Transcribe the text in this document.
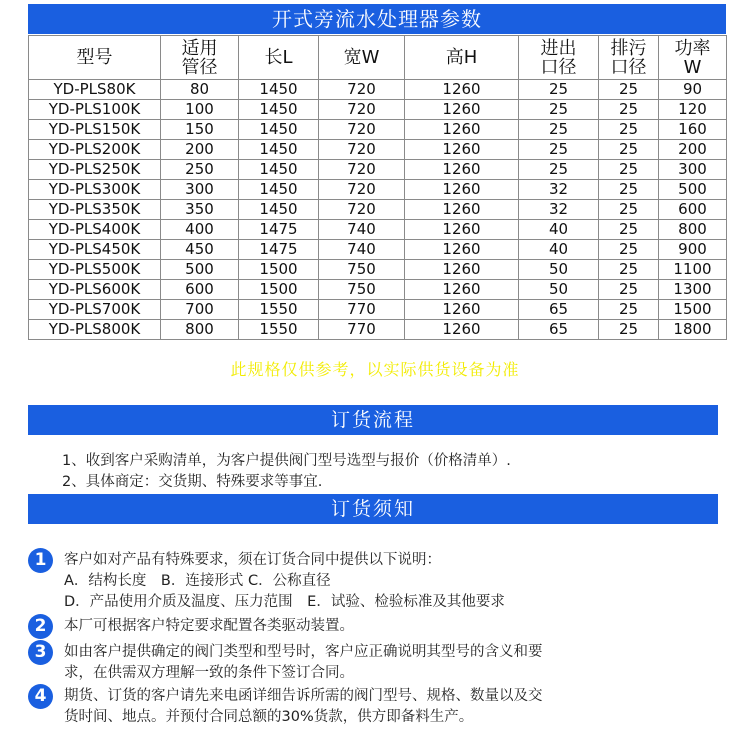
开式旁流水处理器参数
型号	适用管径	长L	宽W	高H	进出口径	排污口径	功率W
YD-PLS80K	80	1450	720	1260	25	25	90
YD-PLS100K	100	1450	720	1260	25	25	120
YD-PLS150K	150	1450	720	1260	25	25	160
YD-PLS200K	200	1450	720	1260	25	25	200
YD-PLS250K	250	1450	720	1260	25	25	300
YD-PLS300K	300	1450	720	1260	32	25	500
YD-PLS350K	350	1450	720	1260	32	25	600
YD-PLS400K	400	1475	740	1260	40	25	800
YD-PLS450K	450	1475	740	1260	40	25	900
YD-PLS500K	500	1500	750	1260	50	25	1100
YD-PLS600K	600	1500	750	1260	50	25	1300
YD-PLS700K	700	1550	770	1260	65	25	1500
YD-PLS800K	800	1550	770	1260	65	25	1800
此规格仅供参考，以实际供货设备为准
订货流程
1、收到客户采购清单，为客户提供阀门型号选型与报价（价格清单）.
2、具体商定：交货期、特殊要求等事宜.
订货须知
1	客户如对产品有特殊要求，须在订货合同中提供以下说明：
A．结构长度　B．连接形式 C．公称直径
D．产品使用介质及温度、压力范围　E．试验、检验标准及其他要求
2	本厂可根据客户特定要求配置各类驱动装置。
3	如由客户提供确定的阀门类型和型号时，客户应正确说明其型号的含义和要
求，在供需双方理解一致的条件下签订合同。
4	期货、订货的客户请先来电函详细告诉所需的阀门型号、规格、数量以及交
货时间、地点。并预付合同总额的30%货款，供方即备料生产。
